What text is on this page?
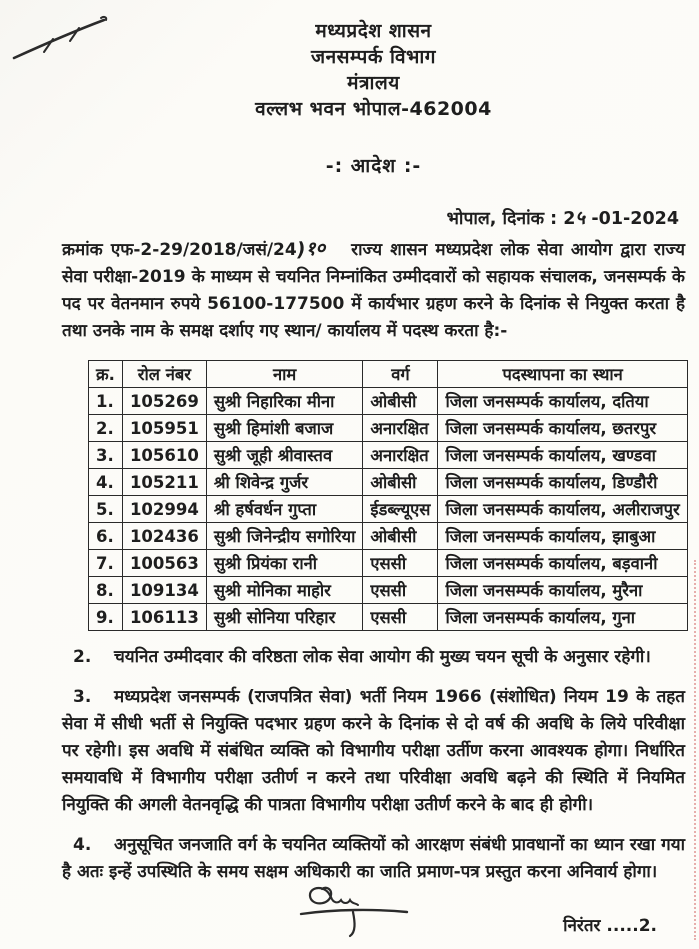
मध्यप्रदेश शासन
जनसम्पर्क विभाग
मंत्रालय
वल्लभ भवन भोपाल-462004
-: आदेश :-
भोपाल, दिनांक : 2५ -01-2024

क्रमांक एफ-2-29/2018/जसं/24)१० राज्य शासन मध्यप्रदेश लोक सेवा आयोग द्वारा राज्य सेवा परीक्षा-2019 के माध्यम से चयनित निम्नांकित उम्मीदवारों को सहायक संचालक, जनसम्पर्क के पद पर वेतनमान रुपये 56100-177500 में कार्यभार ग्रहण करने के दिनांक से नियुक्त करता है तथा उनके नाम के समक्ष दर्शाए गए स्थान/ कार्यालय में पदस्थ करता है:-

क्र.	रोल नंबर	नाम	वर्ग	पदस्थापना का स्थान
1.	105269	सुश्री निहारिका मीना	ओबीसी	जिला जनसम्पर्क कार्यालय, दतिया
2.	105951	सुश्री हिमांशी बजाज	अनारक्षित	जिला जनसम्पर्क कार्यालय, छतरपुर
3.	105610	सुश्री जूही श्रीवास्तव	अनारक्षित	जिला जनसम्पर्क कार्यालय, खण्डवा
4.	105211	श्री शिवेन्द्र गुर्जर	ओबीसी	जिला जनसम्पर्क कार्यालय, डिण्डौरी
5.	102994	श्री हर्षवर्धन गुप्ता	ईडब्ल्यूएस	जिला जनसम्पर्क कार्यालय, अलीराजपुर
6.	102436	सुश्री जिनेन्द्रीय सगोरिया	ओबीसी	जिला जनसम्पर्क कार्यालय, झाबुआ
7.	100563	सुश्री प्रियंका रानी	एससी	जिला जनसम्पर्क कार्यालय, बड़वानी
8.	109134	सुश्री मोनिका माहोर	एससी	जिला जनसम्पर्क कार्यालय, मुरैना
9.	106113	सुश्री सोनिया परिहार	एससी	जिला जनसम्पर्क कार्यालय, गुना

2. चयनित उम्मीदवार की वरिष्ठता लोक सेवा आयोग की मुख्य चयन सूची के अनुसार रहेगी।

3. मध्यप्रदेश जनसम्पर्क (राजपत्रित सेवा) भर्ती नियम 1966 (संशोधित) नियम 19 के तहत सेवा में सीधी भर्ती से नियुक्ति पदभार ग्रहण करने के दिनांक से दो वर्ष की अवधि के लिये परिवीक्षा पर रहेगी। इस अवधि में संबंधित व्यक्ति को विभागीय परीक्षा उर्तीण करना आवश्यक होगा। निर्धारित समयावधि में विभागीय परीक्षा उतीर्ण न करने तथा परिवीक्षा अवधि बढ़ने की स्थिति में नियमित नियुक्ति की अगली वेतनवृद्धि की पात्रता विभागीय परीक्षा उतीर्ण करने के बाद ही होगी।

4. अनुसूचित जनजाति वर्ग के चयनित व्यक्तियों को आरक्षण संबंधी प्रावधानों का ध्यान रखा गया है अतः इन्हें उपस्थिति के समय सक्षम अधिकारी का जाति प्रमाण-पत्र प्रस्तुत करना अनिवार्य होगा।

निरंतर .....2.
